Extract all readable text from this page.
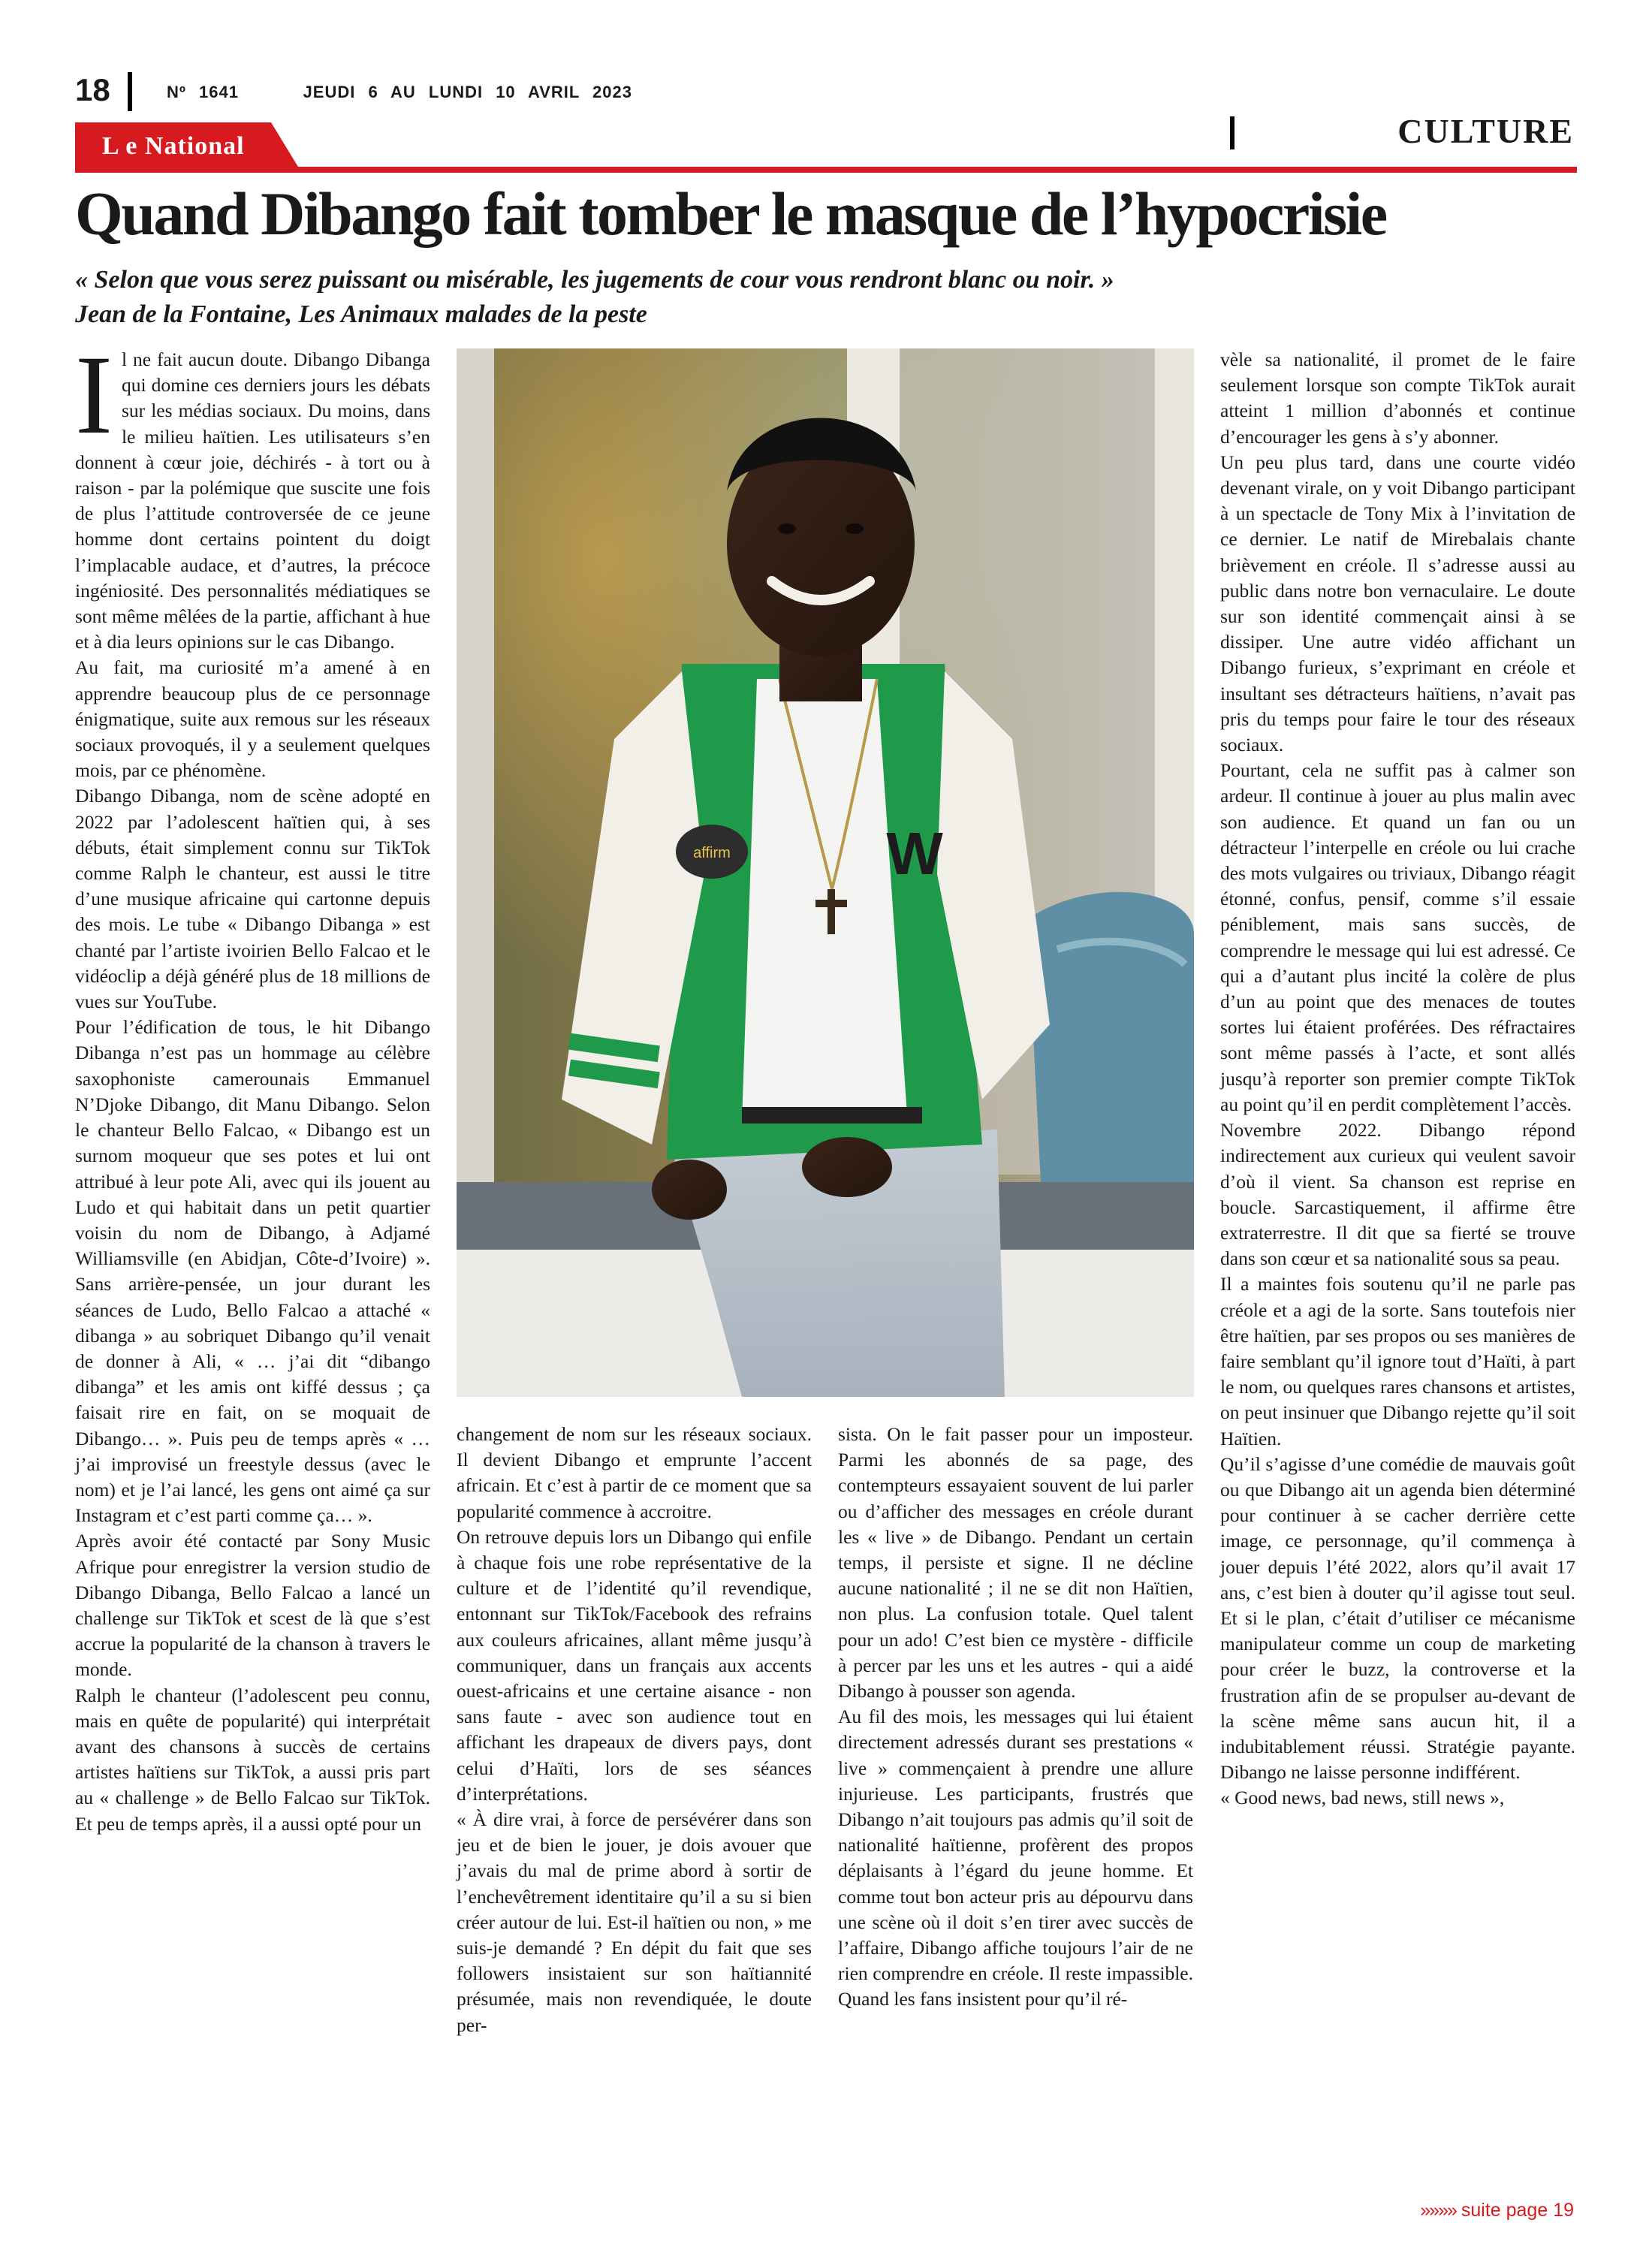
18	Nº 1641	JEUDI 6 AU LUNDI 10 AVRIL 2023
CULTURE
L e National
Quand Dibango fait tomber le masque de l’hypocrisie
« Selon que vous serez puissant ou misérable, les jugements de cour vous rendront blanc ou noir. »
Jean de la Fontaine, Les Animaux malades de la peste

Il ne fait aucun doute. Dibango Dibanga qui domine ces derniers jours les débats sur les médias sociaux. Du moins, dans le milieu haïtien. Les utilisateurs s’en donnent à cœur joie, déchirés - à tort ou à raison - par la polémique que suscite une fois de plus l’attitude controversée de ce jeune homme dont certains pointent du doigt l’implacable audace, et d’autres, la précoce ingéniosité. Des personnalités médiatiques se sont même mêlées de la partie, affichant à hue et à dia leurs opinions sur le cas Dibango.

Au fait, ma curiosité m’a amené à en apprendre beaucoup plus de ce personnage énigmatique, suite aux remous sur les réseaux sociaux provoqués, il y a seulement quelques mois, par ce phénomène.

Dibango Dibanga, nom de scène adopté en 2022 par l’adolescent haïtien qui, à ses débuts, était simplement connu sur TikTok comme Ralph le chanteur, est aussi le titre d’une musique africaine qui cartonne depuis des mois. Le tube « Dibango Dibanga » est chanté par l’artiste ivoirien Bello Falcao et le vidéoclip a déjà généré plus de 18 millions de vues sur YouTube.

Pour l’édification de tous, le hit Dibango Dibanga n’est pas un hommage au célèbre saxophoniste camerounais Emmanuel N’Djoke Dibango, dit Manu Dibango. Selon le chanteur Bello Falcao, « Dibango est un surnom moqueur que ses potes et lui ont attribué à leur pote Ali, avec qui ils jouent au Ludo et qui habitait dans un petit quartier voisin du nom de Dibango, à Adjamé Williamsville (en Abidjan, Côte-d’Ivoire) ». Sans arrière-pensée, un jour durant les séances de Ludo, Bello Falcao a attaché « dibanga » au sobriquet Dibango qu’il venait de donner à Ali, « … j’ai dit “dibango dibanga” et les amis ont kiffé dessus ; ça faisait rire en fait, on se moquait de Dibango… ». Puis peu de temps après « … j’ai improvisé un freestyle dessus (avec le nom) et je l’ai lancé, les gens ont aimé ça sur Instagram et c’est parti comme ça… ».

Après avoir été contacté par Sony Music Afrique pour enregistrer la version studio de Dibango Dibanga, Bello Falcao a lancé un challenge sur TikTok et scest de là que s’est accrue la popularité de la chanson à travers le monde.

Ralph le chanteur (l’adolescent peu connu, mais en quête de popularité) qui interprétait avant des chansons à succès de certains artistes haïtiens sur TikTok, a aussi pris part au « challenge » de Bello Falcao sur TikTok. Et peu de temps après, il a aussi opté pour un

affirm	W

changement de nom sur les réseaux sociaux. Il devient Dibango et emprunte l’accent africain. Et c’est à partir de ce moment que sa popularité commence à accroitre.

On retrouve depuis lors un Dibango qui enfile à chaque fois une robe représentative de la culture et de l’identité qu’il revendique, entonnant sur TikTok/Facebook des refrains aux couleurs africaines, allant même jusqu’à communiquer, dans un français aux accents ouest-africains et une certaine aisance - non sans faute - avec son audience tout en affichant les drapeaux de divers pays, dont celui d’Haïti, lors de ses séances d’interprétations.

« À dire vrai, à force de persévérer dans son jeu et de bien le jouer, je dois avouer que j’avais du mal de prime abord à sortir de l’enchevêtrement identitaire qu’il a su si bien créer autour de lui. Est-il haïtien ou non, » me suis-je demandé ? En dépit du fait que ses followers insistaient sur son haïtiannité présumée, mais non revendiquée, le doute per-

sista. On le fait passer pour un imposteur. Parmi les abonnés de sa page, des contempteurs essayaient souvent de lui parler ou d’afficher des messages en créole durant les « live » de Dibango. Pendant un certain temps, il persiste et signe. Il ne décline aucune nationalité ; il ne se dit non Haïtien, non plus. La confusion totale. Quel talent pour un ado! C’est bien ce mystère - difficile à percer par les uns et les autres - qui a aidé Dibango à pousser son agenda.

Au fil des mois, les messages qui lui étaient directement adressés durant ses prestations « live » commençaient à prendre une allure injurieuse. Les participants, frustrés que Dibango n’ait toujours pas admis qu’il soit de nationalité haïtienne, profèrent des propos déplaisants à l’égard du jeune homme. Et comme tout bon acteur pris au dépourvu dans une scène où il doit s’en tirer avec succès de l’affaire, Dibango affiche toujours l’air de ne rien comprendre en créole. Il reste impassible. Quand les fans insistent pour qu’il ré-

vèle sa nationalité, il promet de le faire seulement lorsque son compte TikTok aurait atteint 1 million d’abonnés et continue d’encourager les gens à s’y abonner.

Un peu plus tard, dans une courte vidéo devenant virale, on y voit Dibango participant à un spectacle de Tony Mix à l’invitation de ce dernier. Le natif de Mirebalais chante brièvement en créole. Il s’adresse aussi au public dans notre bon vernaculaire. Le doute sur son identité commençait ainsi à se dissiper. Une autre vidéo affichant un Dibango furieux, s’exprimant en créole et insultant ses détracteurs haïtiens, n’avait pas pris du temps pour faire le tour des réseaux sociaux.

Pourtant, cela ne suffit pas à calmer son ardeur. Il continue à jouer au plus malin avec son audience. Et quand un fan ou un détracteur l’interpelle en créole ou lui crache des mots vulgaires ou triviaux, Dibango réagit étonné, confus, pensif, comme s’il essaie péniblement, mais sans succès, de comprendre le message qui lui est adressé. Ce qui a d’autant plus incité la colère de plus d’un au point que des menaces de toutes sortes lui étaient proférées. Des réfractaires sont même passés à l’acte, et sont allés jusqu’à reporter son premier compte TikTok au point qu’il en perdit complètement l’accès.

Novembre 2022. Dibango répond indirectement aux curieux qui veulent savoir d’où il vient. Sa chanson est reprise en boucle. Sarcastiquement, il affirme être extraterrestre. Il dit que sa fierté se trouve dans son cœur et sa nationalité sous sa peau.

Il a maintes fois soutenu qu’il ne parle pas créole et a agi de la sorte. Sans toutefois nier être haïtien, par ses propos ou ses manières de faire semblant qu’il ignore tout d’Haïti, à part le nom, ou quelques rares chansons et artistes, on peut insinuer que Dibango rejette qu’il soit Haïtien.

Qu’il s’agisse d’une comédie de mauvais goût ou que Dibango ait un agenda bien déterminé pour continuer à se cacher derrière cette image, ce personnage, qu’il commença à jouer depuis l’été 2022, alors qu’il avait 17 ans, c’est bien à douter qu’il agisse tout seul. Et si le plan, c’était d’utiliser ce mécanisme manipulateur comme un coup de marketing pour créer le buzz, la controverse et la frustration afin de se propulser au-devant de la scène même sans aucun hit, il a indubitablement réussi. Stratégie payante. Dibango ne laisse personne indifférent.

« Good news, bad news, still news »,

»»»» suite page 19
